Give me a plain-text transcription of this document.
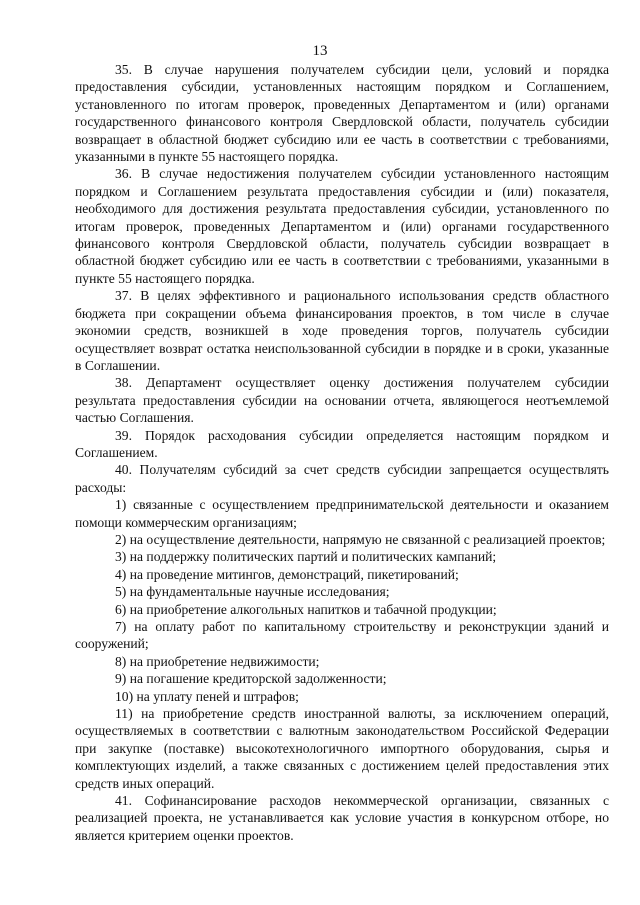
13

35. В случае нарушения получателем субсидии цели, условий и порядка предоставления субсидии, установленных настоящим порядком и Соглашением, установленного по итогам проверок, проведенных Департаментом и (или) органами государственного финансового контроля Свердловской области, получатель субсидии возвращает в областной бюджет субсидию или ее часть в соответствии с требованиями, указанными в пункте 55 настоящего порядка.

36. В случае недостижения получателем субсидии установленного настоящим порядком и Соглашением результата предоставления субсидии и (или) показателя, необходимого для достижения результата предоставления субсидии, установленного по итогам проверок, проведенных Департаментом и (или) органами государственного финансового контроля Свердловской области, получатель субсидии возвращает в областной бюджет субсидию или ее часть в соответствии с требованиями, указанными в пункте 55 настоящего порядка.

37. В целях эффективного и рационального использования средств областного бюджета при сокращении объема финансирования проектов, в том числе в случае экономии средств, возникшей в ходе проведения торгов, получатель субсидии осуществляет возврат остатка неиспользованной субсидии в порядке и в сроки, указанные в Соглашении.

38. Департамент осуществляет оценку достижения получателем субсидии результата предоставления субсидии на основании отчета, являющегося неотъемлемой частью Соглашения.

39. Порядок расходования субсидии определяется настоящим порядком и Соглашением.

40. Получателям субсидий за счет средств субсидии запрещается осуществлять расходы:

1) связанные с осуществлением предпринимательской деятельности и оказанием помощи коммерческим организациям;

2) на осуществление деятельности, напрямую не связанной с реализацией проектов;

3) на поддержку политических партий и политических кампаний;

4) на проведение митингов, демонстраций, пикетирований;

5) на фундаментальные научные исследования;

6) на приобретение алкогольных напитков и табачной продукции;

7) на оплату работ по капитальному строительству и реконструкции зданий и сооружений;

8) на приобретение недвижимости;

9) на погашение кредиторской задолженности;

10) на уплату пеней и штрафов;

11) на приобретение средств иностранной валюты, за исключением операций, осуществляемых в соответствии с валютным законодательством Российской Федерации при закупке (поставке) высокотехнологичного импортного оборудования, сырья и комплектующих изделий, а также связанных с достижением целей предоставления этих средств иных операций.

41. Софинансирование расходов некоммерческой организации, связанных с реализацией проекта, не устанавливается как условие участия в конкурсном отборе, но является критерием оценки проектов.
